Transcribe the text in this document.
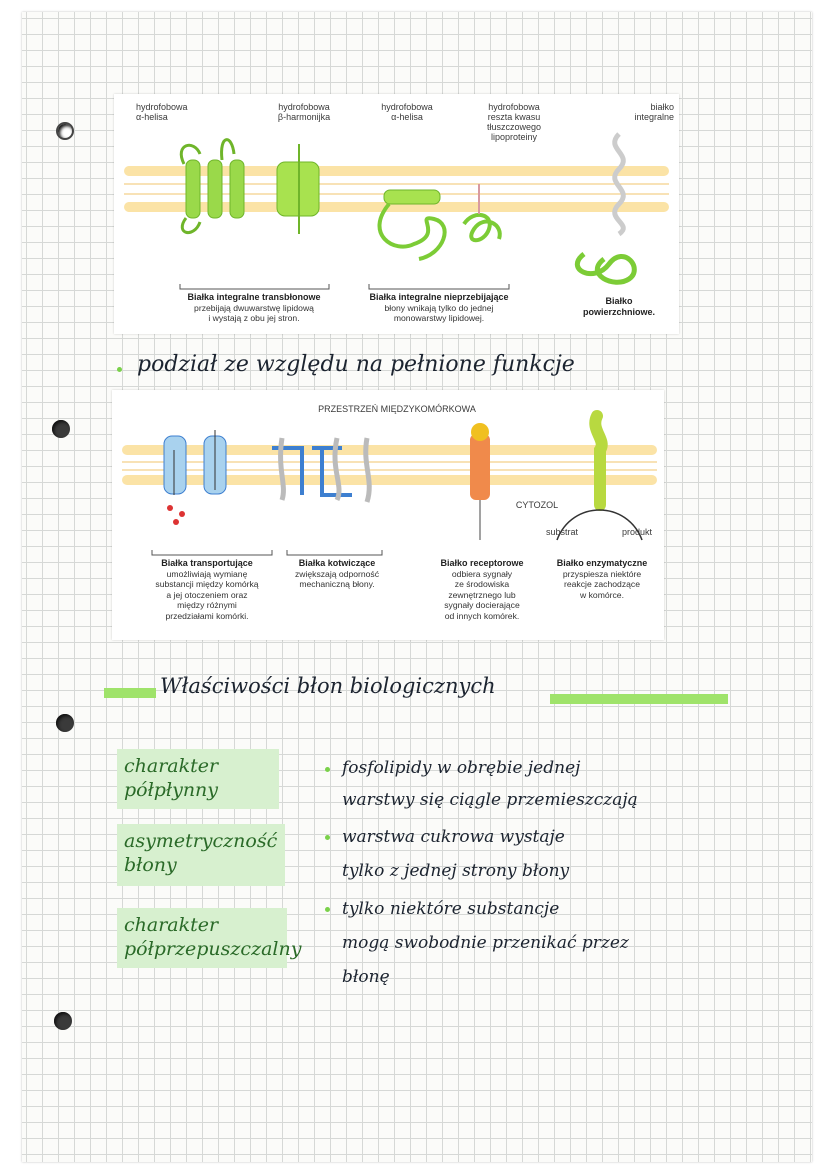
hydrofobowa
α-helisa
hydrofobowa
β-harmonijka
hydrofobowa
α-helisa
hydrofobowa
reszta kwasu
tłuszczowego
lipoproteiny
białko
integralne
Białka integralne transbłonowe
przebijają dwuwarstwę lipidową
i wystają z obu jej stron.
Białka integralne nieprzebijające
błony wnikają tylko do jednej
monowarstwy lipidowej.
Białko
powierzchniowe.
podział ze względu na pełnione funkcje
PRZESTRZEŃ MIĘDZYKOMÓRKOWA
CYTOZOL
substrat	produkt
Białka transportujące
umożliwiają wymianę
substancji między komórką
a jej otoczeniem oraz
między różnymi
przedziałami komórki.
Białka kotwiczące
zwiększają odporność
mechaniczną błony.
Białko receptorowe
odbiera sygnały
ze środowiska
zewnętrznego lub
sygnały docierające
od innych komórek.
Białko enzymatyczne
przyspiesza niektóre
reakcje zachodzące
w komórce.
Właściwości błon biologicznych
charakter
półpłynny
asymetryczność
błony
charakter
półprzepuszczalny
fosfolipidy w obrębie jednej
warstwy się ciągle przemieszczają
warstwa cukrowa wystaje
tylko z jednej strony błony
tylko niektóre substancje
mogą swobodnie przenikać przez
błonę
